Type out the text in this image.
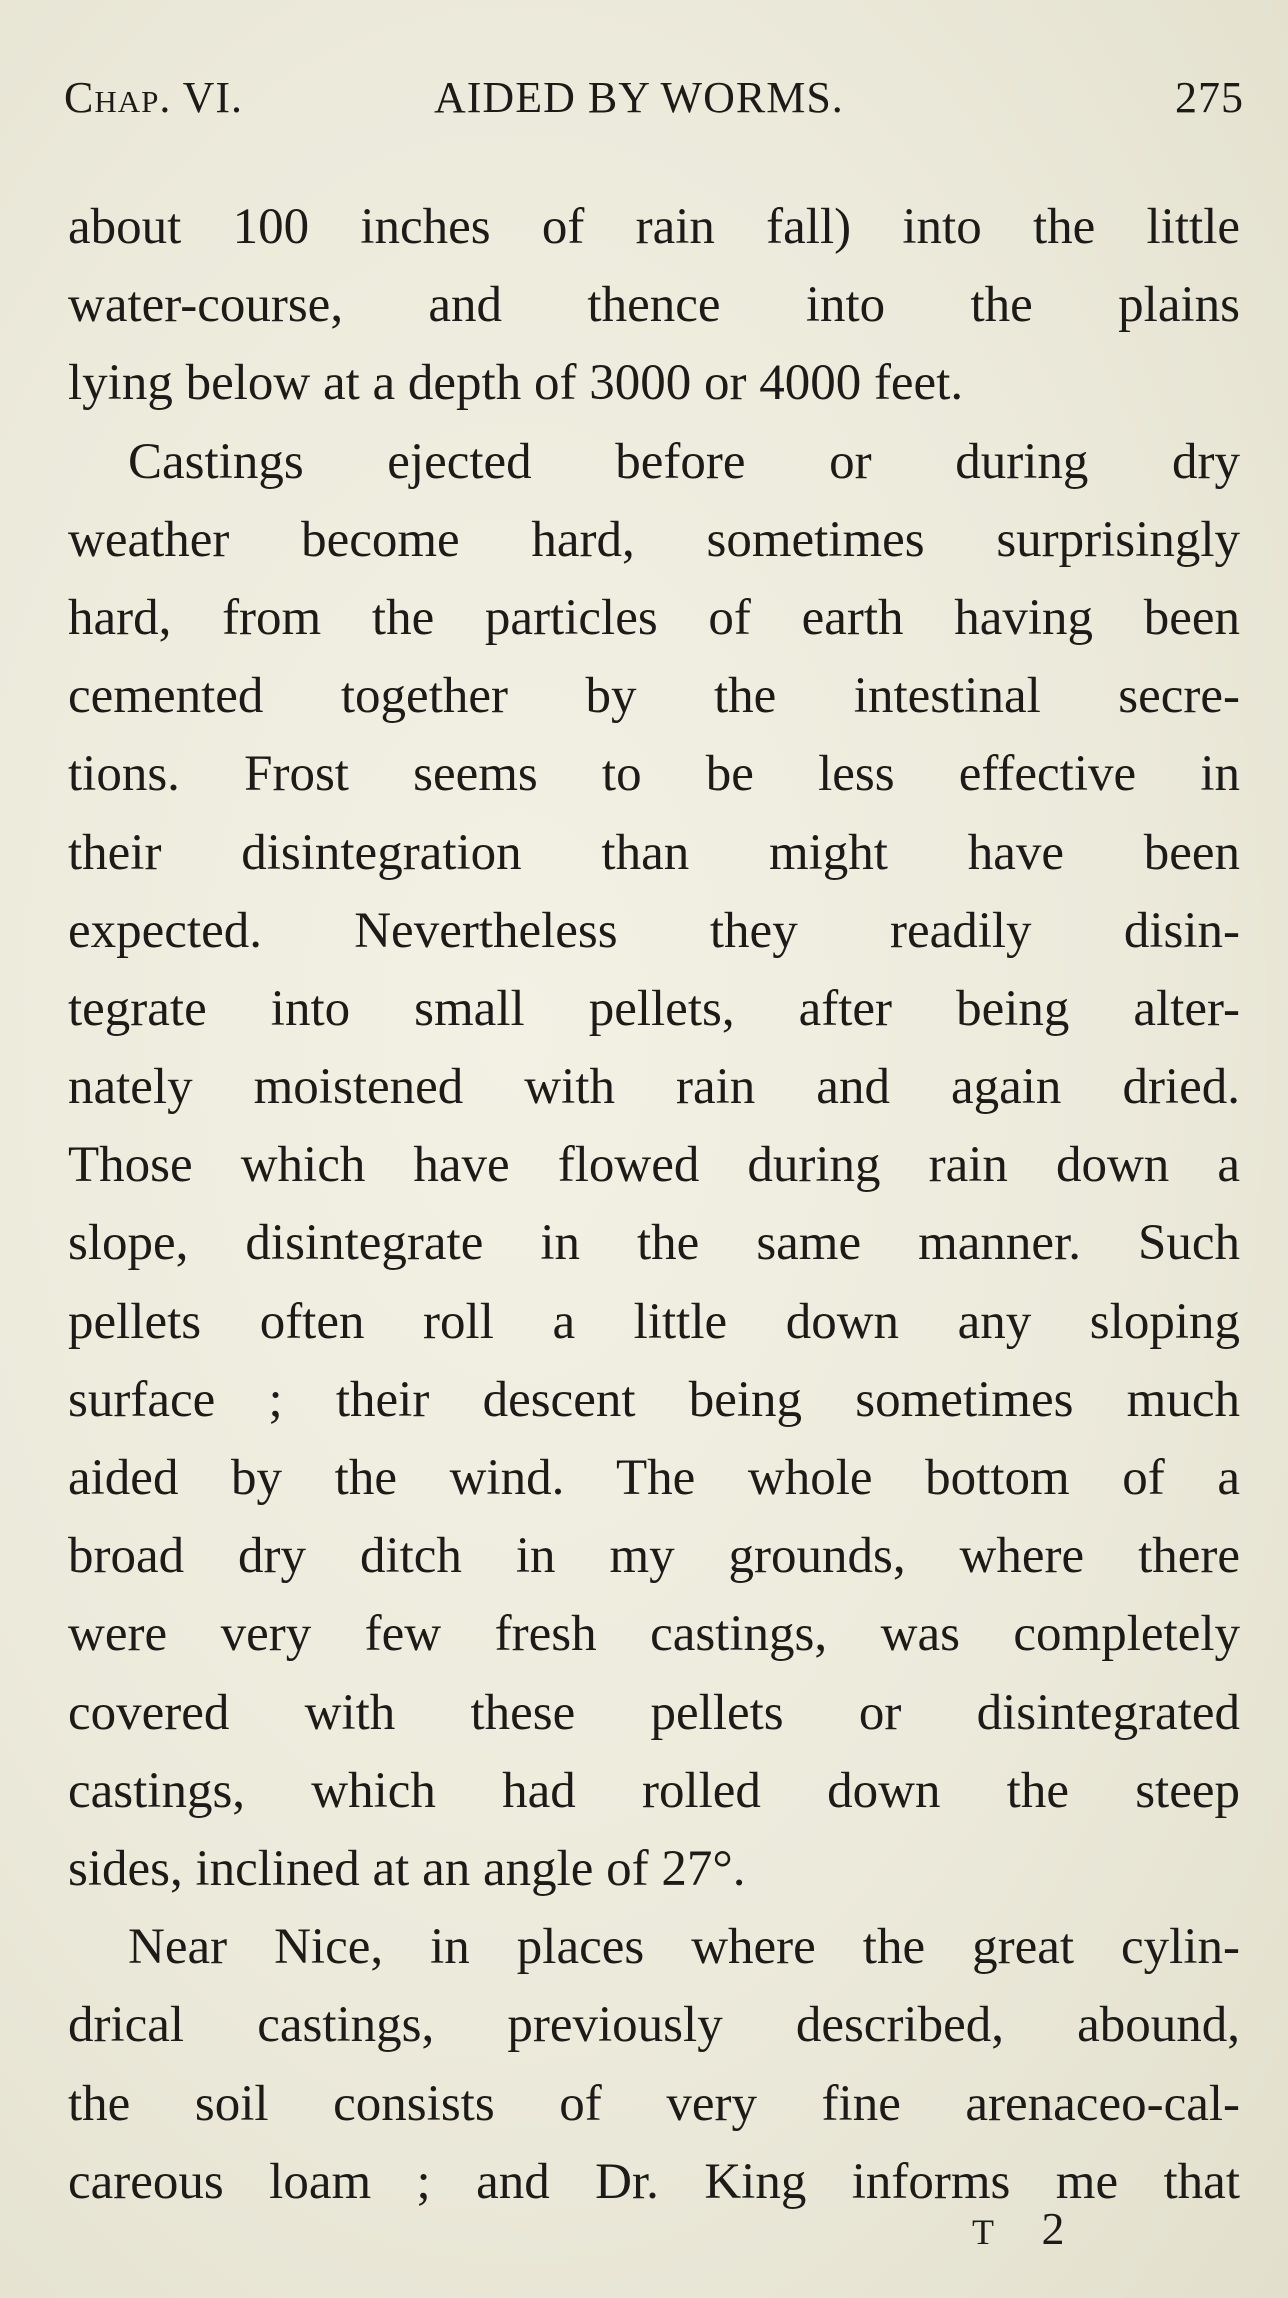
Chap. VI.	AIDED BY WORMS.	275
about 100 inches of rain fall) into the little
water-course, and thence into the plains
lying below at a depth of 3000 or 4000 feet.
Castings ejected before or during dry
weather become hard, sometimes surprisingly
hard, from the particles of earth having been
cemented together by the intestinal secre-
tions. Frost seems to be less effective in
their disintegration than might have been
expected. Nevertheless they readily disin-
tegrate into small pellets, after being alter-
nately moistened with rain and again dried.
Those which have flowed during rain down a
slope, disintegrate in the same manner. Such
pellets often roll a little down any sloping
surface ; their descent being sometimes much
aided by the wind. The whole bottom of a
broad dry ditch in my grounds, where there
were very few fresh castings, was completely
covered with these pellets or disintegrated
castings, which had rolled down the steep
sides, inclined at an angle of 27°.
Near Nice, in places where the great cylin-
drical castings, previously described, abound,
the soil consists of very fine arenaceo-cal-
careous loam ; and Dr. King informs me that
T 2
